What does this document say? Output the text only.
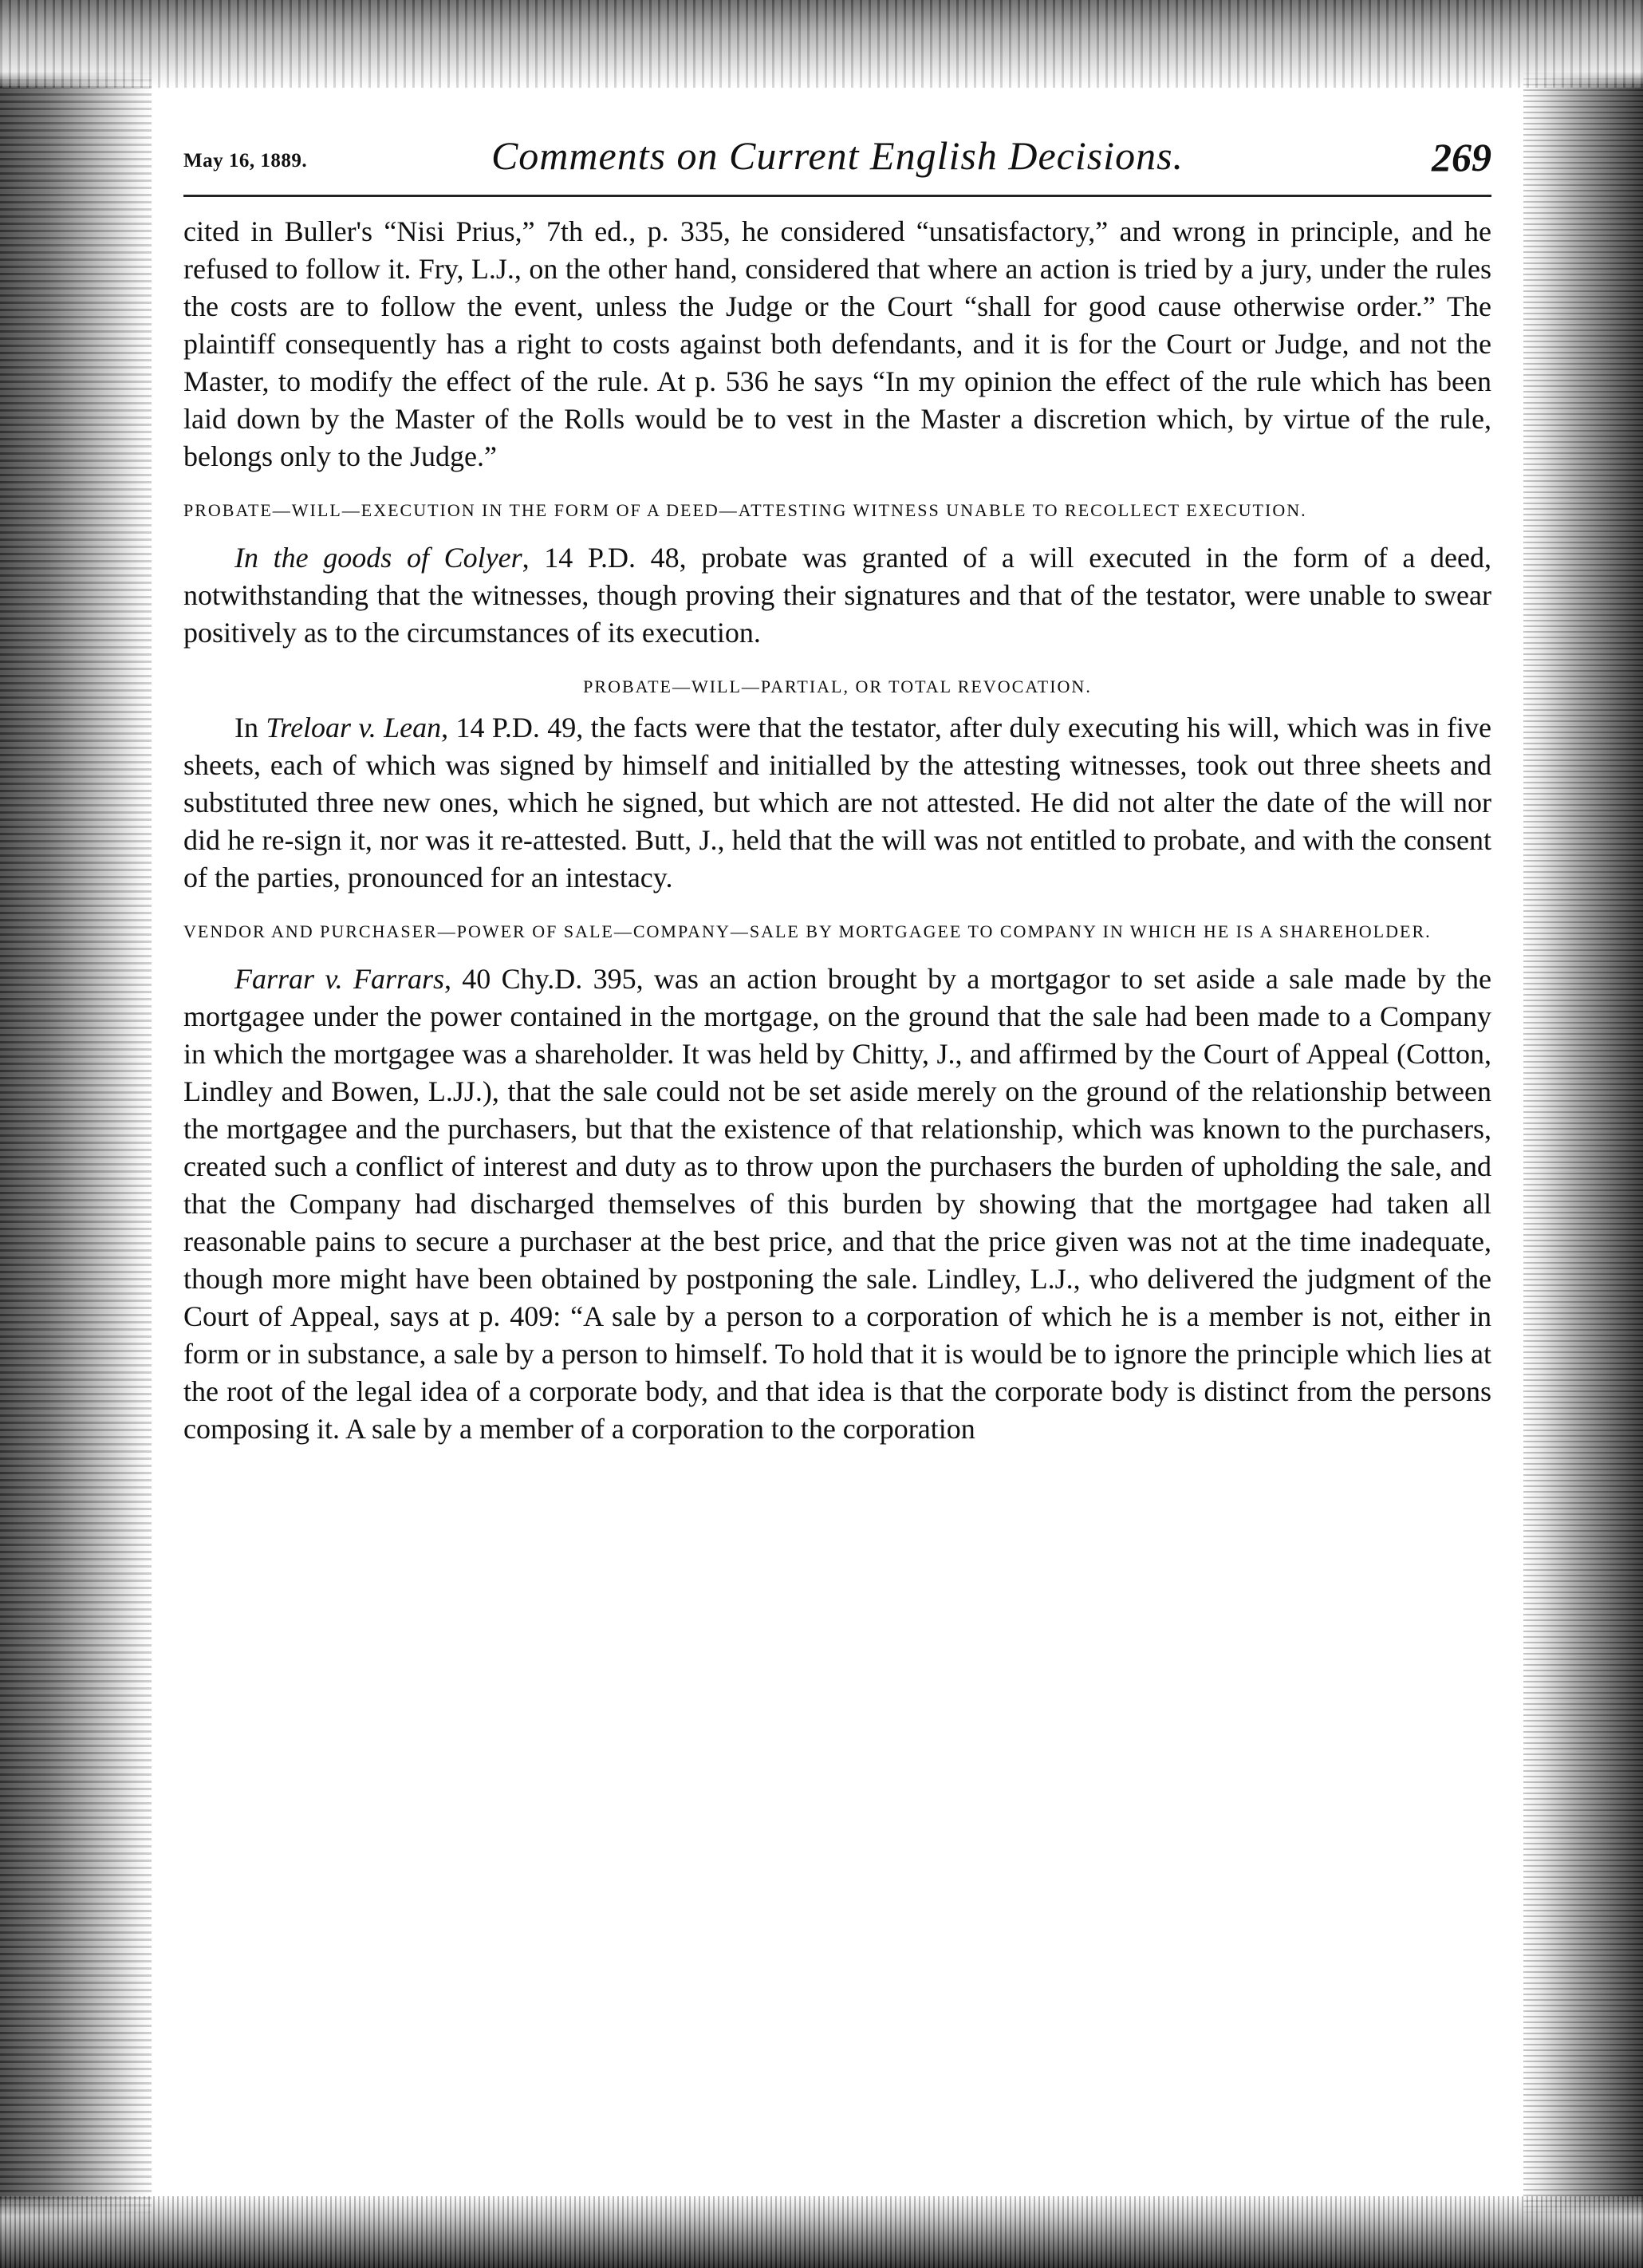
May 16, 1889.	Comments on Current English Decisions.	269

cited in Buller's “Nisi Prius,” 7th ed., p. 335, he considered “unsatisfactory,” and wrong in principle, and he refused to follow it. Fry, L.J., on the other hand, considered that where an action is tried by a jury, under the rules the costs are to follow the event, unless the Judge or the Court “shall for good cause otherwise order.” The plaintiff consequently has a right to costs against both defendants, and it is for the Court or Judge, and not the Master, to modify the effect of the rule. At p. 536 he says “In my opinion the effect of the rule which has been laid down by the Master of the Rolls would be to vest in the Master a discretion which, by virtue of the rule, belongs only to the Judge.”

PROBATE—WILL—EXECUTION IN THE FORM OF A DEED—ATTESTING WITNESS UNABLE TO RECOLLECT EXECUTION.

In the goods of Colyer, 14 P.D. 48, probate was granted of a will executed in the form of a deed, notwithstanding that the witnesses, though proving their signatures and that of the testator, were unable to swear positively as to the circumstances of its execution.

PROBATE—WILL—PARTIAL, OR TOTAL REVOCATION.

In Treloar v. Lean, 14 P.D. 49, the facts were that the testator, after duly executing his will, which was in five sheets, each of which was signed by himself and initialled by the attesting witnesses, took out three sheets and substituted three new ones, which he signed, but which are not attested. He did not alter the date of the will nor did he re-sign it, nor was it re-attested. Butt, J., held that the will was not entitled to probate, and with the consent of the parties, pronounced for an intestacy.

VENDOR AND PURCHASER—POWER OF SALE—COMPANY—SALE BY MORTGAGEE TO COMPANY IN WHICH HE IS A SHAREHOLDER.

Farrar v. Farrars, 40 Chy.D. 395, was an action brought by a mortgagor to set aside a sale made by the mortgagee under the power contained in the mortgage, on the ground that the sale had been made to a Company in which the mortgagee was a shareholder. It was held by Chitty, J., and affirmed by the Court of Appeal (Cotton, Lindley and Bowen, L.JJ.), that the sale could not be set aside merely on the ground of the relationship between the mortgagee and the purchasers, but that the existence of that relationship, which was known to the purchasers, created such a conflict of interest and duty as to throw upon the purchasers the burden of upholding the sale, and that the Company had discharged themselves of this burden by showing that the mortgagee had taken all reasonable pains to secure a purchaser at the best price, and that the price given was not at the time inadequate, though more might have been obtained by postponing the sale. Lindley, L.J., who delivered the judgment of the Court of Appeal, says at p. 409: “A sale by a person to a corporation of which he is a member is not, either in form or in substance, a sale by a person to himself. To hold that it is would be to ignore the principle which lies at the root of the legal idea of a corporate body, and that idea is that the corporate body is distinct from the persons composing it. A sale by a member of a corporation to the corporation
